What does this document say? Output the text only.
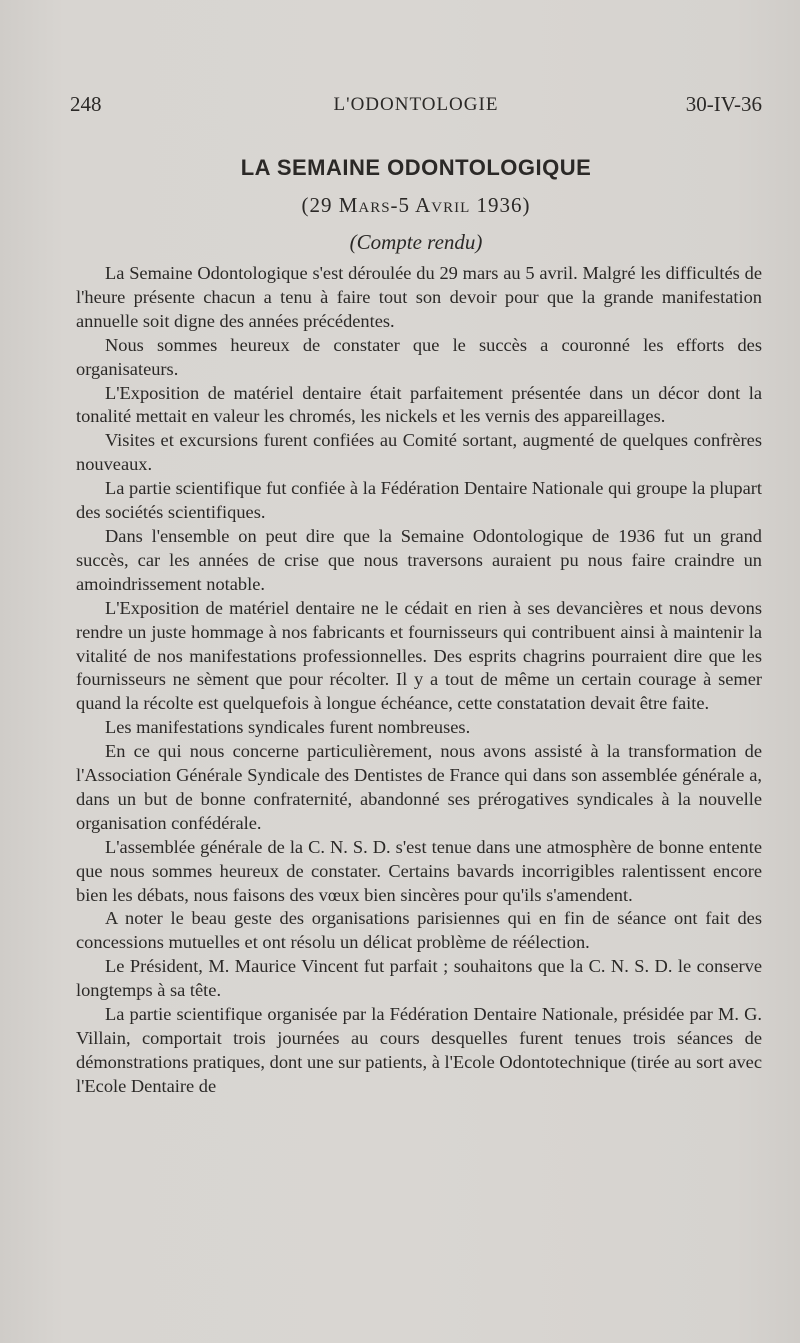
248	L'ODONTOLOGIE	30-IV-36
LA SEMAINE ODONTOLOGIQUE
(29 Mars-5 Avril 1936)
(Compte rendu)

La Semaine Odontologique s'est déroulée du 29 mars au 5 avril. Malgré les difficultés de l'heure présente chacun a tenu à faire tout son devoir pour que la grande manifestation annuelle soit digne des années précédentes.

Nous sommes heureux de constater que le succès a couronné les efforts des organisateurs.

L'Exposition de matériel dentaire était parfaitement présentée dans un décor dont la tonalité mettait en valeur les chromés, les nickels et les vernis des appareillages.

Visites et excursions furent confiées au Comité sortant, augmenté de quelques confrères nouveaux.

La partie scientifique fut confiée à la Fédération Dentaire Nationale qui groupe la plupart des sociétés scientifiques.

Dans l'ensemble on peut dire que la Semaine Odontologique de 1936 fut un grand succès, car les années de crise que nous traversons auraient pu nous faire craindre un amoindrissement notable.

L'Exposition de matériel dentaire ne le cédait en rien à ses devancières et nous devons rendre un juste hommage à nos fabricants et fournisseurs qui contribuent ainsi à maintenir la vitalité de nos manifestations professionnelles. Des esprits chagrins pourraient dire que les fournisseurs ne sèment que pour récolter. Il y a tout de même un certain courage à semer quand la récolte est quelquefois à longue échéance, cette constatation devait être faite.

Les manifestations syndicales furent nombreuses.

En ce qui nous concerne particulièrement, nous avons assisté à la transformation de l'Association Générale Syndicale des Dentistes de France qui dans son assemblée générale a, dans un but de bonne confraternité, abandonné ses prérogatives syndicales à la nouvelle organisation confédérale.

L'assemblée générale de la C. N. S. D. s'est tenue dans une atmosphère de bonne entente que nous sommes heureux de constater. Certains bavards incorrigibles ralentissent encore bien les débats, nous faisons des vœux bien sincères pour qu'ils s'amendent.

A noter le beau geste des organisations parisiennes qui en fin de séance ont fait des concessions mutuelles et ont résolu un délicat problème de réélection.

Le Président, M. Maurice Vincent fut parfait ; souhaitons que la C. N. S. D. le conserve longtemps à sa tête.

La partie scientifique organisée par la Fédération Dentaire Nationale, présidée par M. G. Villain, comportait trois journées au cours desquelles furent tenues trois séances de démonstrations pratiques, dont une sur patients, à l'Ecole Odontotechnique (tirée au sort avec l'Ecole Dentaire de
